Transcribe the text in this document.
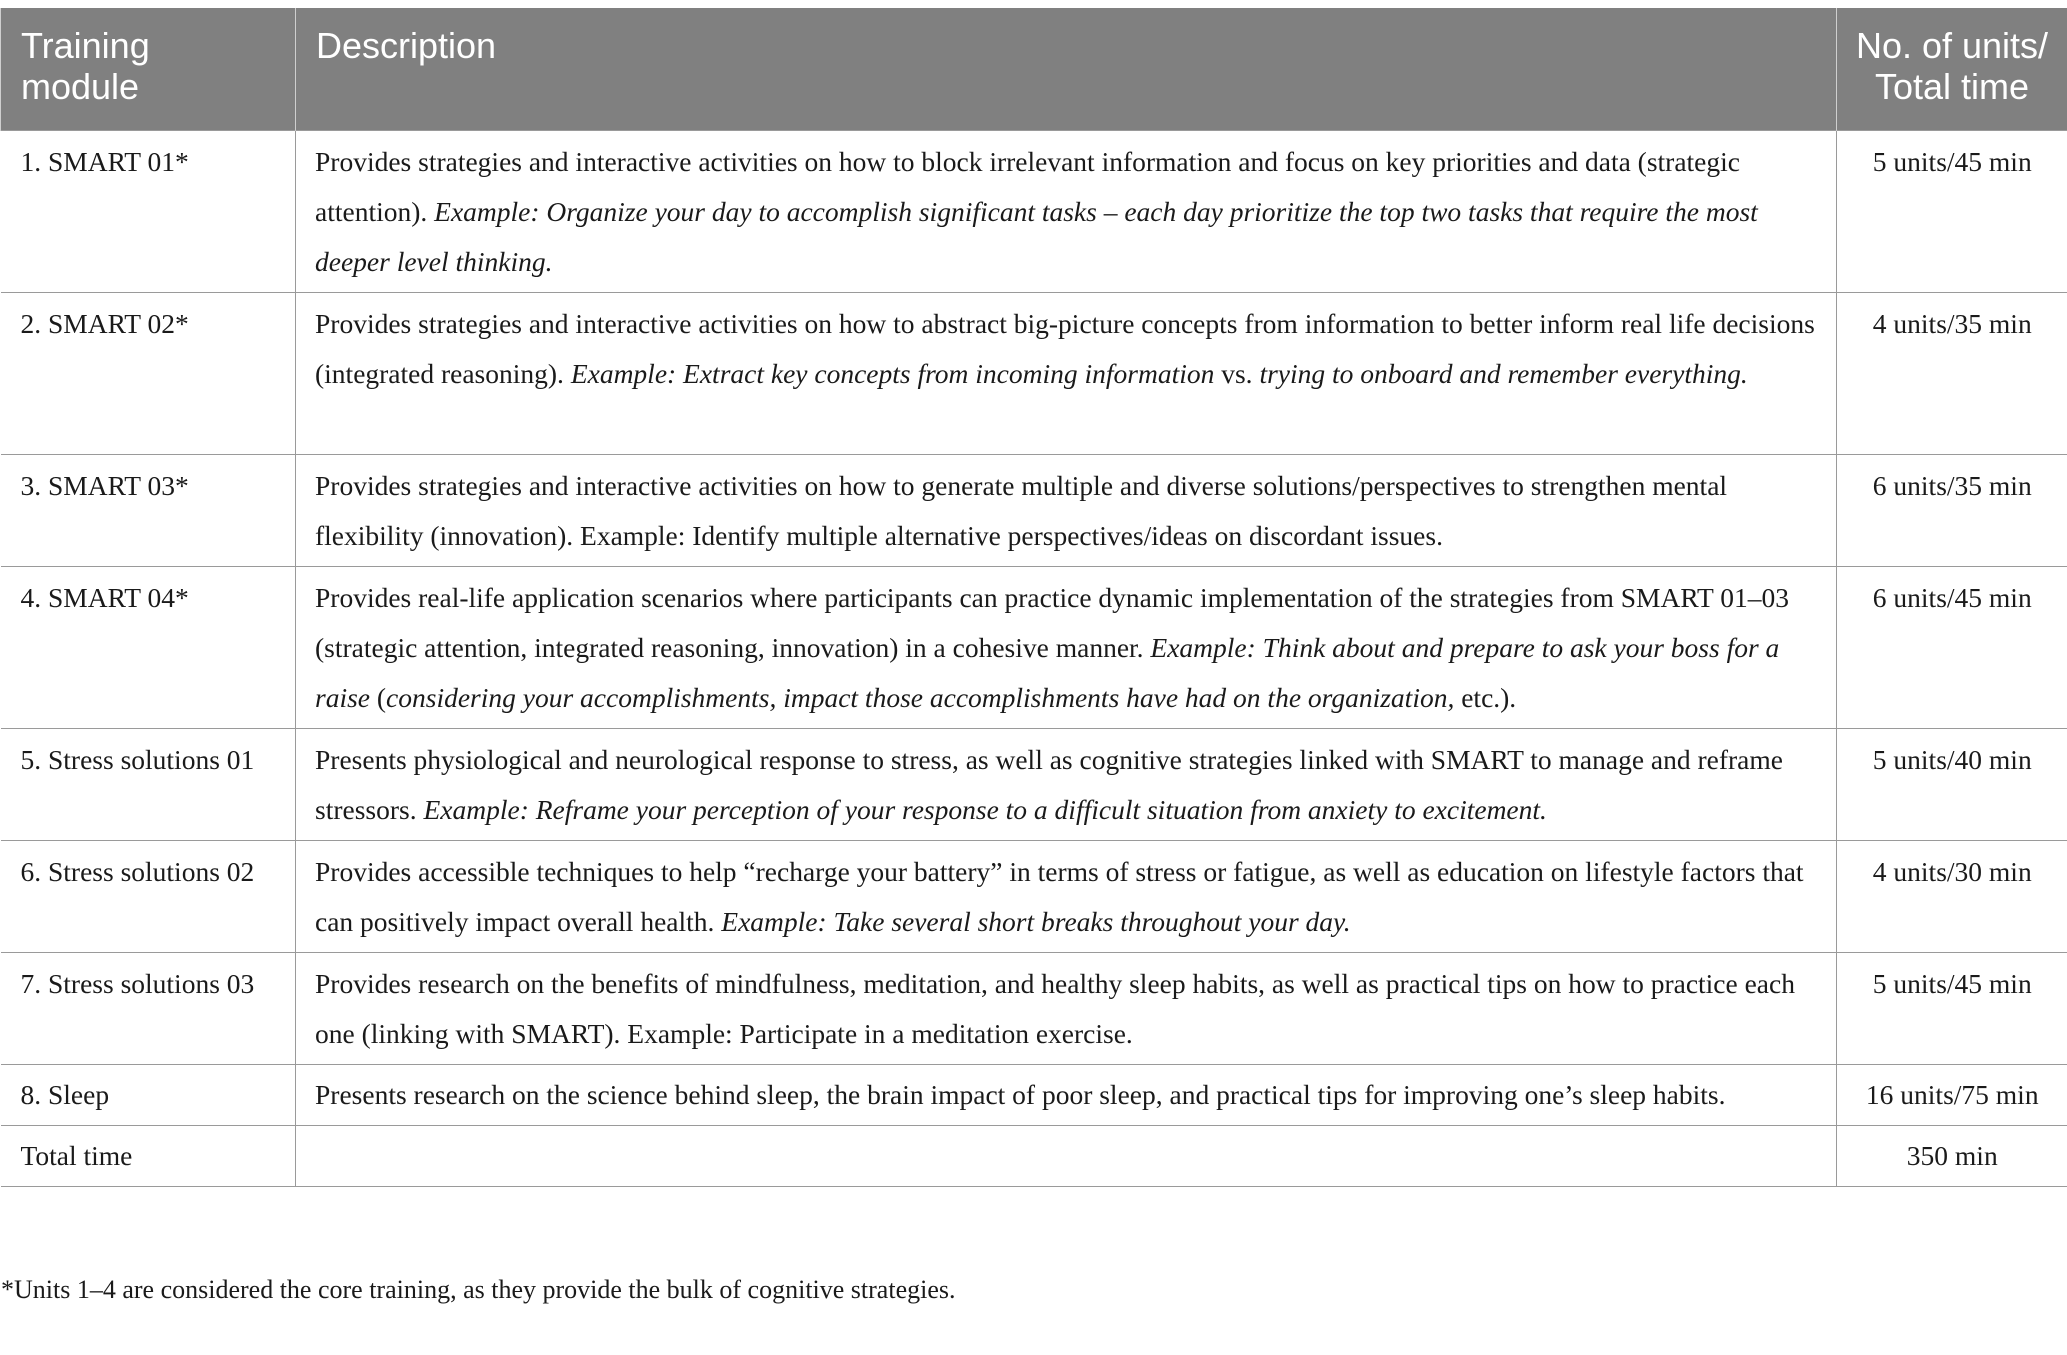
Training module	Description	No. of units/ Total time
1. SMART 01*	Provides strategies and interactive activities on how to block irrelevant information and focus on key priorities and data (strategic attention). Example: Organize your day to accomplish significant tasks – each day prioritize the top two tasks that require the most deeper level thinking.	5 units/45 min
2. SMART 02*	Provides strategies and interactive activities on how to abstract big-picture concepts from information to better inform real life decisions (integrated reasoning). Example: Extract key concepts from incoming information vs. trying to onboard and remember everything.	4 units/35 min
3. SMART 03*	Provides strategies and interactive activities on how to generate multiple and diverse solutions/perspectives to strengthen mental flexibility (innovation). Example: Identify multiple alternative perspectives/ideas on discordant issues.	6 units/35 min
4. SMART 04*	Provides real-life application scenarios where participants can practice dynamic implementation of the strategies from SMART 01–03 (strategic attention, integrated reasoning, innovation) in a cohesive manner. Example: Think about and prepare to ask your boss for a raise (considering your accomplishments, impact those accomplishments have had on the organization, etc.).	6 units/45 min
5. Stress solutions 01	Presents physiological and neurological response to stress, as well as cognitive strategies linked with SMART to manage and reframe stressors. Example: Reframe your perception of your response to a difficult situation from anxiety to excitement.	5 units/40 min
6. Stress solutions 02	Provides accessible techniques to help “recharge your battery” in terms of stress or fatigue, as well as education on lifestyle factors that can positively impact overall health. Example: Take several short breaks throughout your day.	4 units/30 min
7. Stress solutions 03	Provides research on the benefits of mindfulness, meditation, and healthy sleep habits, as well as practical tips on how to practice each one (linking with SMART). Example: Participate in a meditation exercise.	5 units/45 min
8. Sleep	Presents research on the science behind sleep, the brain impact of poor sleep, and practical tips for improving one’s sleep habits.	16 units/75 min
Total time		350 min
*Units 1–4 are considered the core training, as they provide the bulk of cognitive strategies.
